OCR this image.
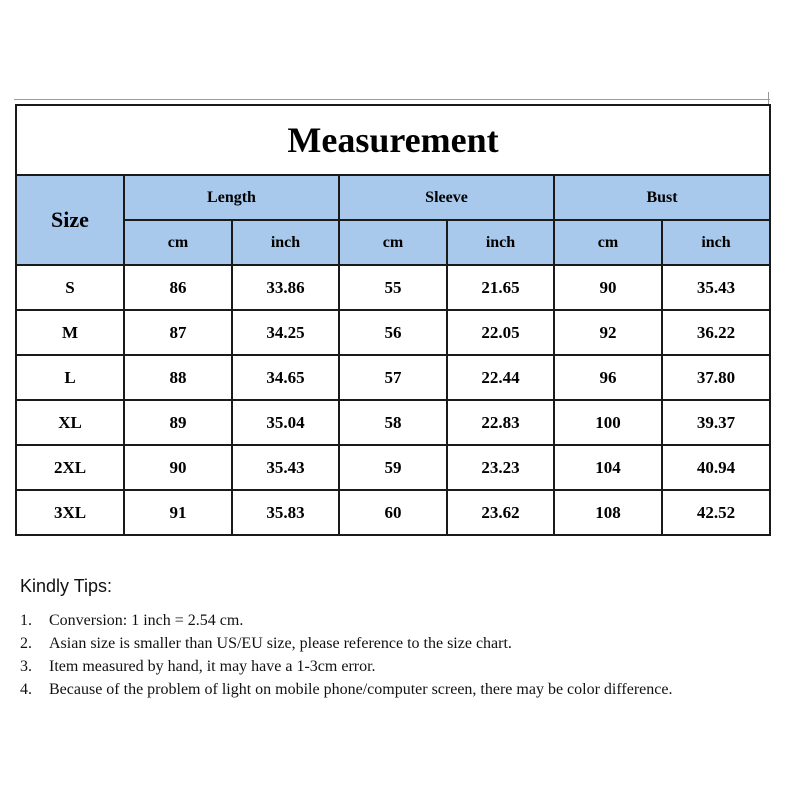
Measurement						
Size	Length		Sleeve		Bust	
	cm	inch	cm	inch	cm	inch
S	86	33.86	55	21.65	90	35.43
M	87	34.25	56	22.05	92	36.22
L	88	34.65	57	22.44	96	37.80
XL	89	35.04	58	22.83	100	39.37
2XL	90	35.43	59	23.23	104	40.94
3XL	91	35.83	60	23.62	108	42.52
Kindly Tips:
1. Conversion: 1 inch = 2.54 cm.
2. Asian size is smaller than US/EU size, please reference to the size chart.
3. Item measured by hand, it may have a 1-3cm error.
4. Because of the problem of light on mobile phone/computer screen, there may be color difference.
